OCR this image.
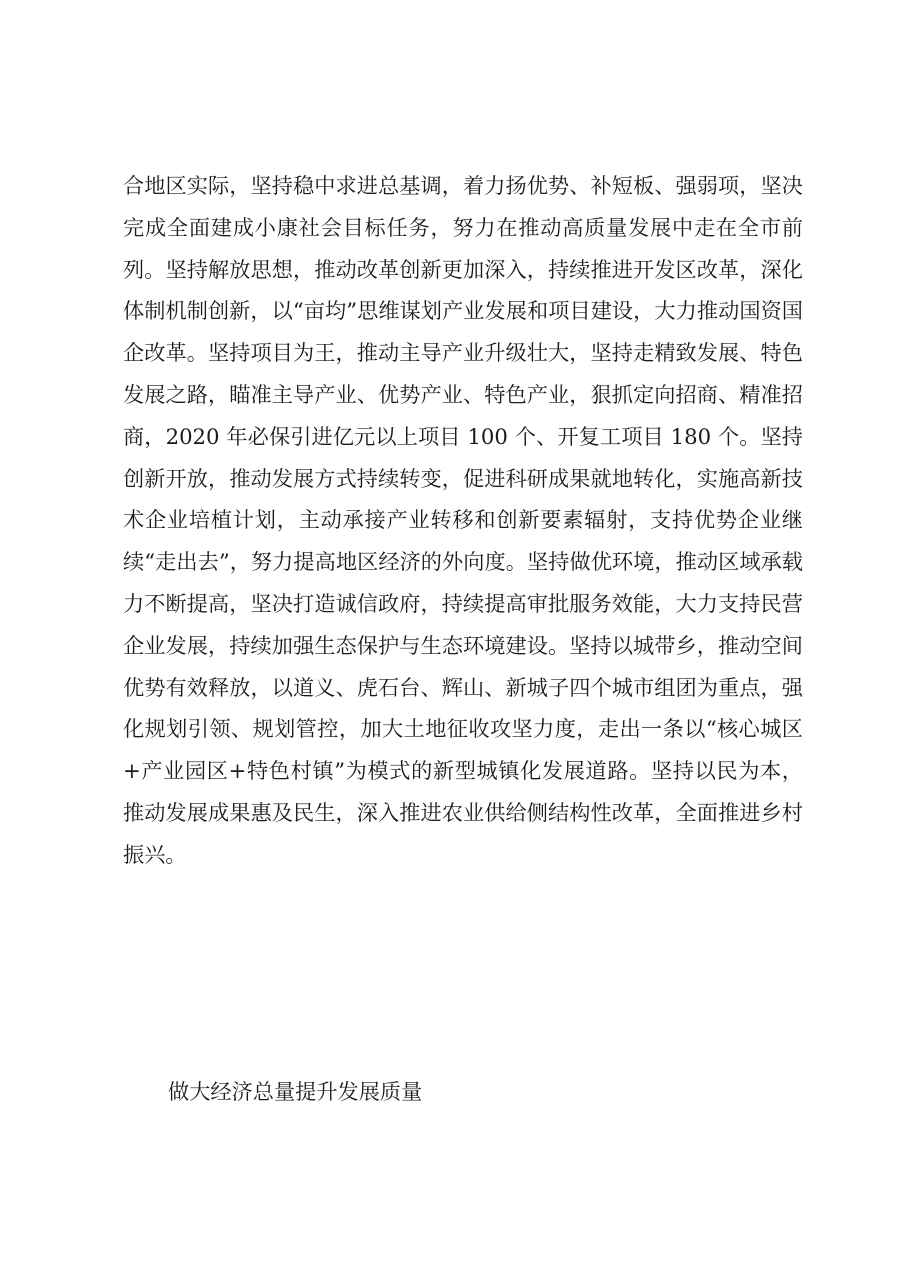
合地区实际，坚持稳中求进总基调，着力扬优势、补短板、强弱项，坚决完成全面建成小康社会目标任务，努力在推动高质量发展中走在全市前列。坚持解放思想，推动改革创新更加深入，持续推进开发区改革，深化体制机制创新，以“亩均”思维谋划产业发展和项目建设，大力推动国资国企改革。坚持项目为王，推动主导产业升级壮大，坚持走精致发展、特色发展之路，瞄准主导产业、优势产业、特色产业，狠抓定向招商、精准招商，2020 年必保引进亿元以上项目 100 个、开复工项目 180 个。坚持创新开放，推动发展方式持续转变，促进科研成果就地转化，实施高新技术企业培植计划，主动承接产业转移和创新要素辐射，支持优势企业继续“走出去”，努力提高地区经济的外向度。坚持做优环境，推动区域承载力不断提高，坚决打造诚信政府，持续提高审批服务效能，大力支持民营企业发展，持续加强生态保护与生态环境建设。坚持以城带乡，推动空间优势有效释放，以道义、虎石台、辉山、新城子四个城市组团为重点，强化规划引领、规划管控，加大土地征收攻坚力度，走出一条以“核心城区+产业园区+特色村镇”为模式的新型城镇化发展道路。坚持以民为本，推动发展成果惠及民生，深入推进农业供给侧结构性改革，全面推进乡村振兴。

做大经济总量提升发展质量
